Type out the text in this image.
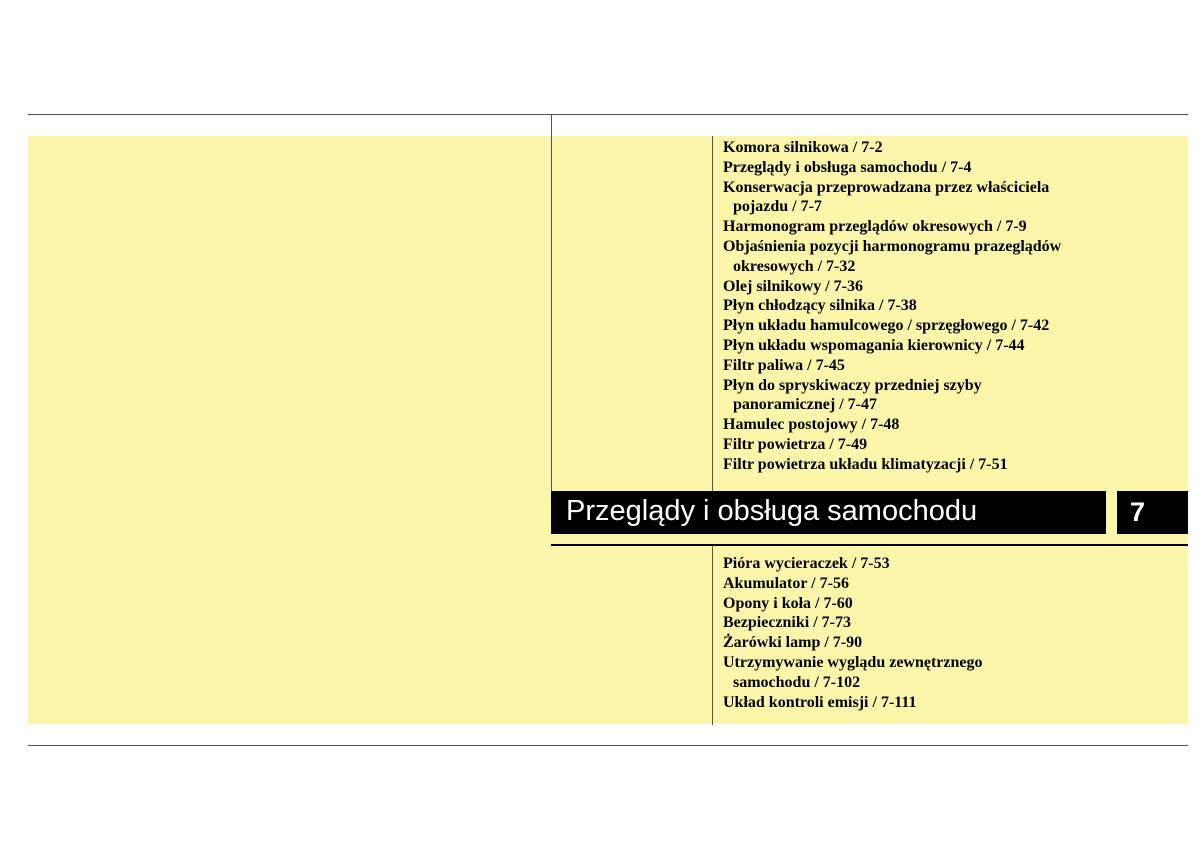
Komora silnikowa / 7-2
Przeglądy i obsługa samochodu / 7-4
Konserwacja przeprowadzana przez właściciela
pojazdu / 7-7
Harmonogram przeglądów okresowych / 7-9
Objaśnienia pozycji harmonogramu prazeglądów
okresowych / 7-32
Olej silnikowy / 7-36
Płyn chłodzący silnika / 7-38
Płyn układu hamulcowego / sprzęgłowego / 7-42
Płyn układu wspomagania kierownicy / 7-44
Filtr paliwa / 7-45
Płyn do spryskiwaczy przedniej szyby
panoramicznej / 7-47
Hamulec postojowy / 7-48
Filtr powietrza / 7-49
Filtr powietrza układu klimatyzacji / 7-51
Przeglądy i obsługa samochodu	7
Pióra wycieraczek / 7-53
Akumulator / 7-56
Opony i koła / 7-60
Bezpieczniki / 7-73
Żarówki lamp / 7-90
Utrzymywanie wyglądu zewnętrznego
samochodu / 7-102
Układ kontroli emisji / 7-111
